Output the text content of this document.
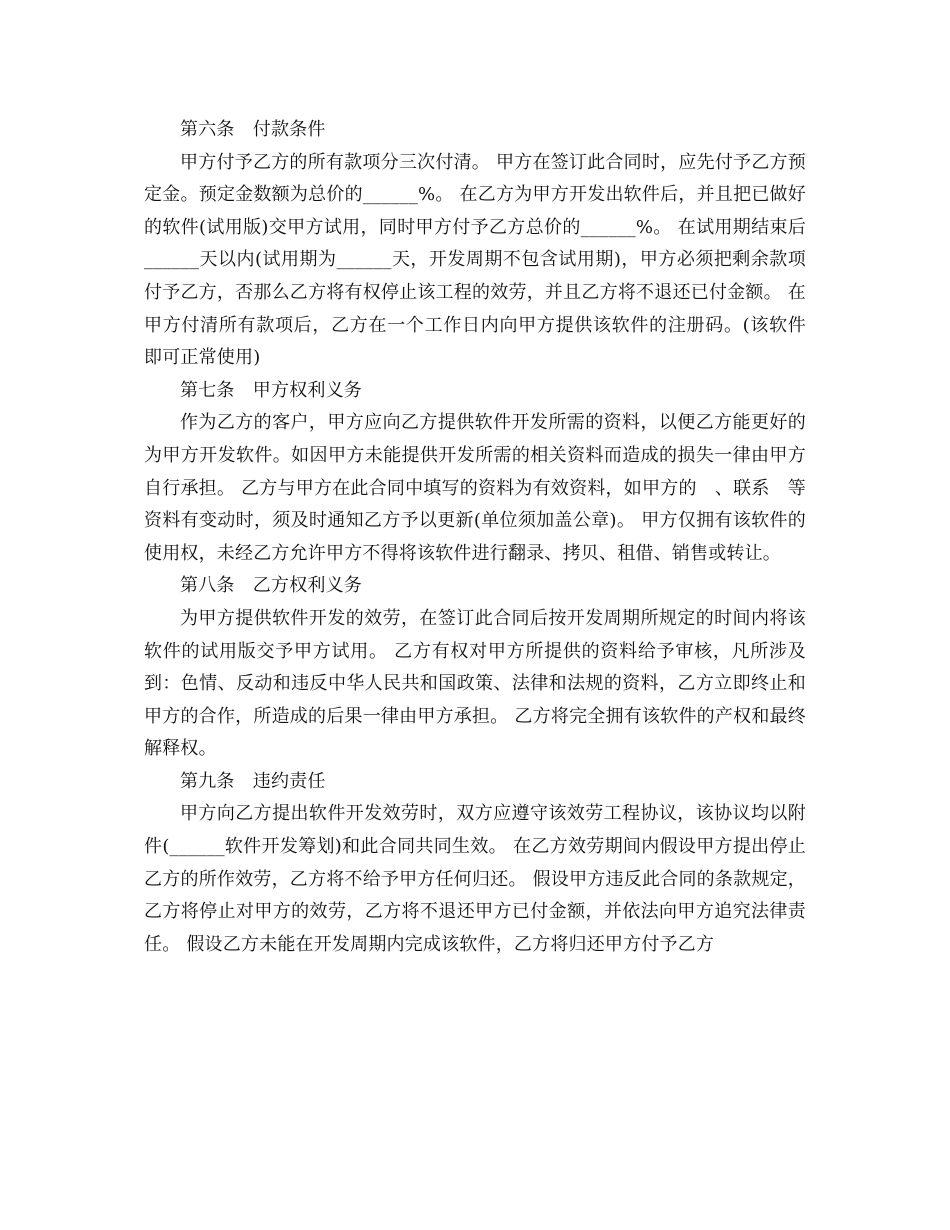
第六条　付款条件

甲方付予乙方的所有款项分三次付清。 甲方在签订此合同时，应先付予乙方预定金。预定金数额为总价的______%。 在乙方为甲方开发出软件后，并且把已做好的软件(试用版)交甲方试用，同时甲方付予乙方总价的______%。 在试用期结束后______天以内(试用期为______天，开发周期不包含试用期)，甲方必须把剩余款项付予乙方，否那么乙方将有权停止该工程的效劳，并且乙方将不退还已付金额。 在甲方付清所有款项后，乙方在一个工作日内向甲方提供该软件的注册码。(该软件即可正常使用)

第七条　甲方权利义务

作为乙方的客户，甲方应向乙方提供软件开发所需的资料，以便乙方能更好的为甲方开发软件。如因甲方未能提供开发所需的相关资料而造成的损失一律由甲方自行承担。 乙方与甲方在此合同中填写的资料为有效资料，如甲方的　、联系　等资料有变动时，须及时通知乙方予以更新(单位须加盖公章)。 甲方仅拥有该软件的使用权，未经乙方允许甲方不得将该软件进行翻录、拷贝、租借、销售或转让。

第八条　乙方权利义务

为甲方提供软件开发的效劳，在签订此合同后按开发周期所规定的时间内将该软件的试用版交予甲方试用。 乙方有权对甲方所提供的资料给予审核，凡所涉及到：色情、反动和违反中华人民共和国政策、法律和法规的资料，乙方立即终止和甲方的合作，所造成的后果一律由甲方承担。 乙方将完全拥有该软件的产权和最终解释权。

第九条　违约责任

甲方向乙方提出软件开发效劳时，双方应遵守该效劳工程协议，该协议均以附件(______软件开发筹划)和此合同共同生效。 在乙方效劳期间内假设甲方提出停止乙方的所作效劳，乙方将不给予甲方任何归还。 假设甲方违反此合同的条款规定，乙方将停止对甲方的效劳，乙方将不退还甲方已付金额，并依法向甲方追究法律责任。 假设乙方未能在开发周期内完成该软件，乙方将归还甲方付予乙方
